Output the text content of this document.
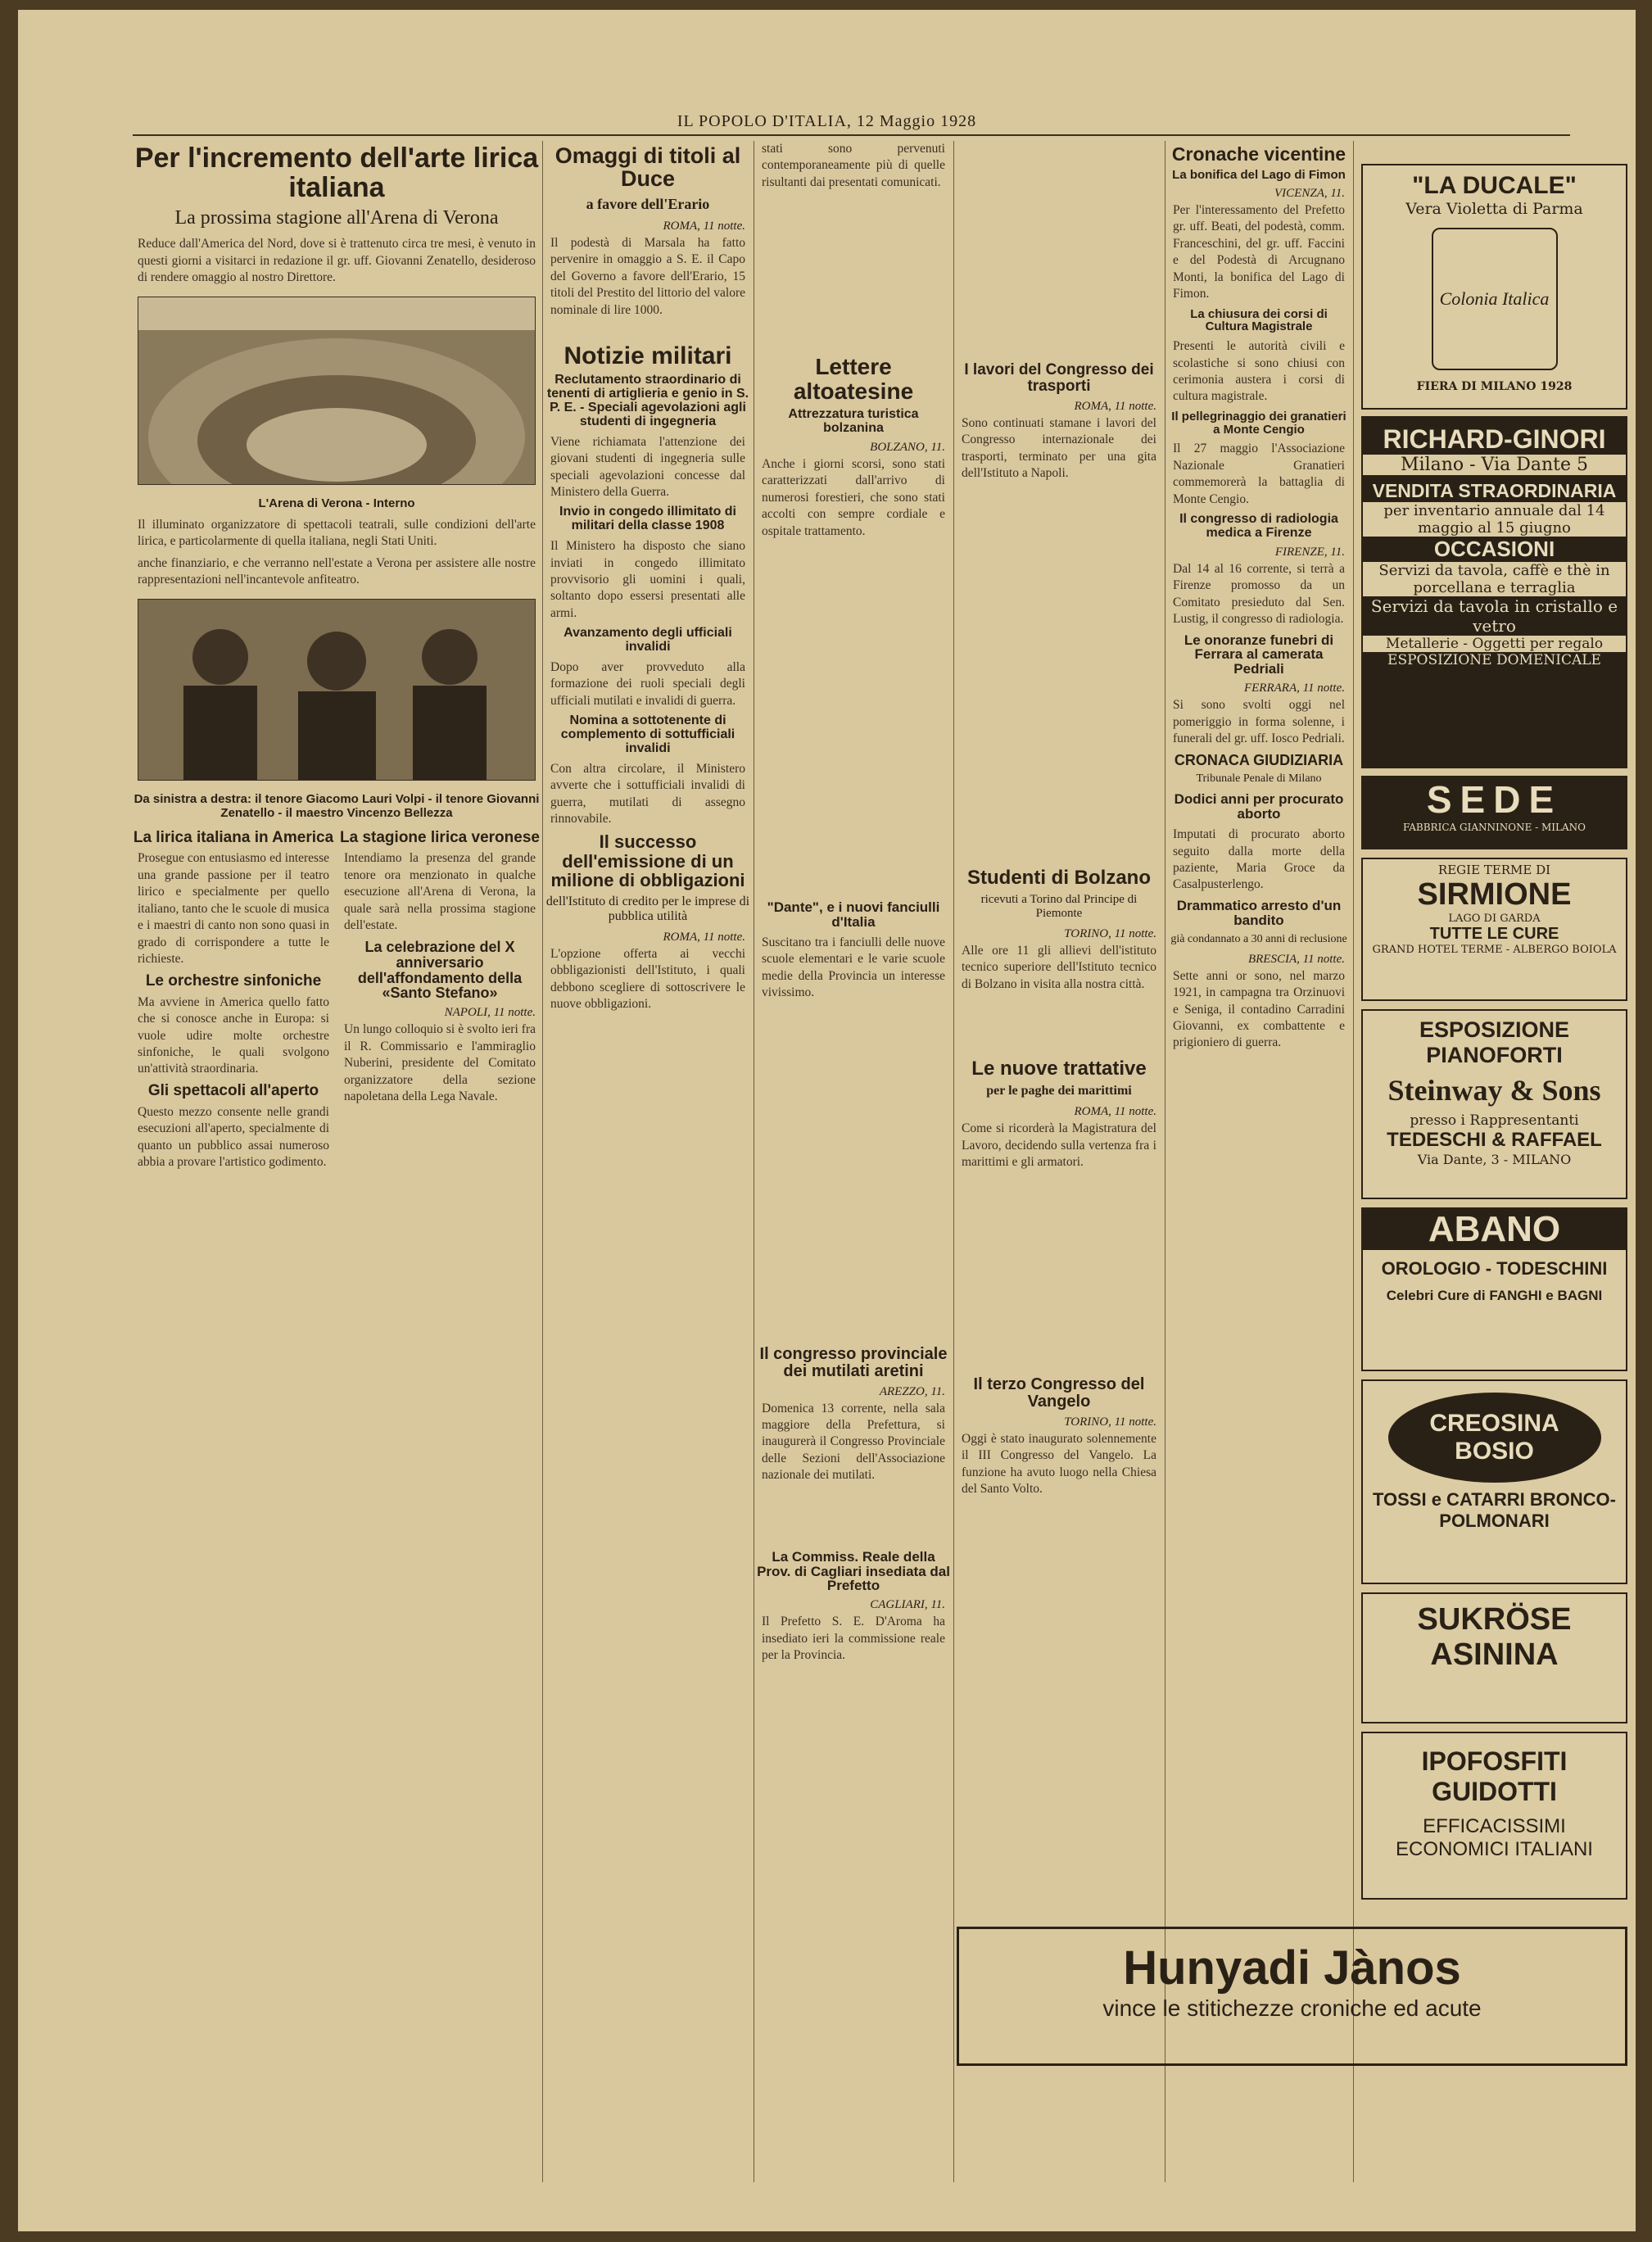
IL POPOLO D'ITALIA, 12 Maggio 1928
Per l'incremento dell'arte lirica italiana
La prossima stagione all'Arena di Verona
Reduce dall'America del Nord, dove si è trattenuto circa tre mesi, è venuto in questi giorni a visitarci in redazione il gr. uff. Giovanni Zenatello, desideroso di rendere omaggio al nostro Direttore.
L'Arena di Verona - Interno
Il illuminato organizzatore di spettacoli teatrali, sulle condizioni dell'arte lirica, e particolarmente di quella italiana, negli Stati Uniti.
anche finanziario, e che verranno nell'estate a Verona per assistere alle nostre rappresentazioni nell'incantevole anfiteatro.
Da sinistra a destra: il tenore Giacomo Lauri Volpi - il tenore Giovanni Zenatello - il maestro Vincenzo Bellezza
La lirica italiana in America
Prosegue con entusiasmo ed interesse una grande passione per il teatro lirico e specialmente per quello italiano, tanto che le scuole di musica e i maestri di canto non sono quasi in grado di corrispondere a tutte le richieste.
Le orchestre sinfoniche
Ma avviene in America quello fatto che si conosce anche in Europa: si vuole udire molte orchestre sinfoniche, le quali svolgono un'attività straordinaria.
Gli spettacoli all'aperto
Questo mezzo consente nelle grandi esecuzioni all'aperto, specialmente di quanto un pubblico assai numeroso abbia a provare l'artistico godimento.
La stagione lirica veronese
Intendiamo la presenza del grande tenore ora menzionato in qualche esecuzione all'Arena di Verona, la quale sarà nella prossima stagione dell'estate.
La celebrazione del X anniversario dell'affondamento della «Santo Stefano»
NAPOLI, 11 notte.
Un lungo colloquio si è svolto ieri fra il R. Commissario e l'ammiraglio Nuberini, presidente del Comitato organizzatore della sezione napoletana della Lega Navale.
Omaggi di titoli al Duce
a favore dell'Erario
ROMA, 11 notte.
Il podestà di Marsala ha fatto pervenire in omaggio a S. E. il Capo del Governo a favore dell'Erario, 15 titoli del Prestito del littorio del valore nominale di lire 1000.
Notizie militari
Reclutamento straordinario di tenenti di artiglieria e genio in S. P. E. - Speciali agevolazioni agli studenti di ingegneria
Viene richiamata l'attenzione dei giovani studenti di ingegneria sulle speciali agevolazioni concesse dal Ministero della Guerra.
Invio in congedo illimitato di militari della classe 1908
Il Ministero ha disposto che siano inviati in congedo illimitato provvisorio gli uomini i quali, soltanto dopo essersi presentati alle armi.
Avanzamento degli ufficiali invalidi
Dopo aver provveduto alla formazione dei ruoli speciali degli ufficiali mutilati e invalidi di guerra.
Nomina a sottotenente di complemento di sottufficiali invalidi
Con altra circolare, il Ministero avverte che i sottufficiali invalidi di guerra, mutilati di assegno rinnovabile.
Il successo dell'emissione di un milione di obbligazioni
dell'Istituto di credito per le imprese di pubblica utilità
ROMA, 11 notte.
L'opzione offerta ai vecchi obbligazionisti dell'Istituto, i quali debbono scegliere di sottoscrivere le nuove obbligazioni.
stati sono pervenuti contemporaneamente più di quelle risultanti dai presentati comunicati.
Lettere altoatesine
Attrezzatura turistica bolzanina
BOLZANO, 11.
Anche i giorni scorsi, sono stati caratterizzati dall'arrivo di numerosi forestieri, che sono stati accolti con sempre cordiale e ospitale trattamento.
"Dante", e i nuovi fanciulli d'Italia
Suscitano tra i fanciulli delle nuove scuole elementari e le varie scuole medie della Provincia un interesse vivissimo.
Il congresso provinciale dei mutilati aretini
AREZZO, 11.
Domenica 13 corrente, nella sala maggiore della Prefettura, si inaugurerà il Congresso Provinciale delle Sezioni dell'Associazione nazionale dei mutilati.
La Commiss. Reale della Prov. di Cagliari insediata dal Prefetto
CAGLIARI, 11.
Il Prefetto S. E. D'Aroma ha insediato ieri la commissione reale per la Provincia.
I lavori del Congresso dei trasporti
ROMA, 11 notte.
Sono continuati stamane i lavori del Congresso internazionale dei trasporti, terminato per una gita dell'Istituto a Napoli.
Studenti di Bolzano
ricevuti a Torino dal Principe di Piemonte
TORINO, 11 notte.
Alle ore 11 gli allievi dell'istituto tecnico superiore dell'Istituto tecnico di Bolzano in visita alla nostra città.
Le nuove trattative
per le paghe dei marittimi
ROMA, 11 notte.
Come si ricorderà la Magistratura del Lavoro, decidendo sulla vertenza fra i marittimi e gli armatori.
Il terzo Congresso del Vangelo
TORINO, 11 notte.
Oggi è stato inaugurato solennemente il III Congresso del Vangelo. La funzione ha avuto luogo nella Chiesa del Santo Volto.
Cronache vicentine
La bonifica del Lago di Fimon
VICENZA, 11.
Per l'interessamento del Prefetto gr. uff. Beati, del podestà, comm. Franceschini, del gr. uff. Faccini e del Podestà di Arcugnano Monti, la bonifica del Lago di Fimon.
La chiusura dei corsi di Cultura Magistrale
Presenti le autorità civili e scolastiche si sono chiusi con cerimonia austera i corsi di cultura magistrale.
Il pellegrinaggio dei granatieri a Monte Cengio
Il 27 maggio l'Associazione Nazionale Granatieri commemorerà la battaglia di Monte Cengio.
Il congresso di radiologia medica a Firenze
FIRENZE, 11.
Dal 14 al 16 corrente, si terrà a Firenze promosso da un Comitato presieduto dal Sen. Lustig, il congresso di radiologia.
Le onoranze funebri di Ferrara al camerata Pedriali
FERRARA, 11 notte.
Si sono svolti oggi nel pomeriggio in forma solenne, i funerali del gr. uff. Iosco Pedriali.
CRONACA GIUDIZIARIA
Tribunale Penale di Milano
Dodici anni per procurato aborto
Imputati di procurato aborto seguito dalla morte della paziente, Maria Groce da Casalpusterlengo.
Drammatico arresto d'un bandito
già condannato a 30 anni di reclusione
BRESCIA, 11 notte.
Sette anni or sono, nel marzo 1921, in campagna tra Orzinuovi e Seniga, il contadino Carradini Giovanni, ex combattente e prigioniero di guerra.
"LA DUCALE"
Vera Violetta di Parma
Colonia Italica
FIERA DI MILANO 1928
RICHARD-GINORI
Milano - Via Dante 5
VENDITA STRAORDINARIA
per inventario annuale dal 14 maggio al 15 giugno
OCCASIONI
Servizi da tavola, caffè e thè in porcellana e terraglia
Servizi da tavola in cristallo e vetro
Metallerie - Oggetti per regalo
ESPOSIZIONE DOMENICALE
SEDE
FABBRICA GIANNINONE - MILANO
REGIE TERME DI
SIRMIONE
LAGO DI GARDA
TUTTE LE CURE
GRAND HOTEL TERME - ALBERGO BOIOLA
ESPOSIZIONE PIANOFORTI
Steinway & Sons
presso i Rappresentanti
TEDESCHI & RAFFAEL
Via Dante, 3 - MILANO
ABANO
OROLOGIO - TODESCHINI
Celebri Cure di FANGHI e BAGNI
CREOSINA BOSIO
TOSSI e CATARRI BRONCO-POLMONARI
SUKRÖSE
ASININA
IPOFOSFITI GUIDOTTI
EFFICACISSIMI ECONOMICI ITALIANI
Hunyadi Jànos
vince le stitichezze croniche ed acute
